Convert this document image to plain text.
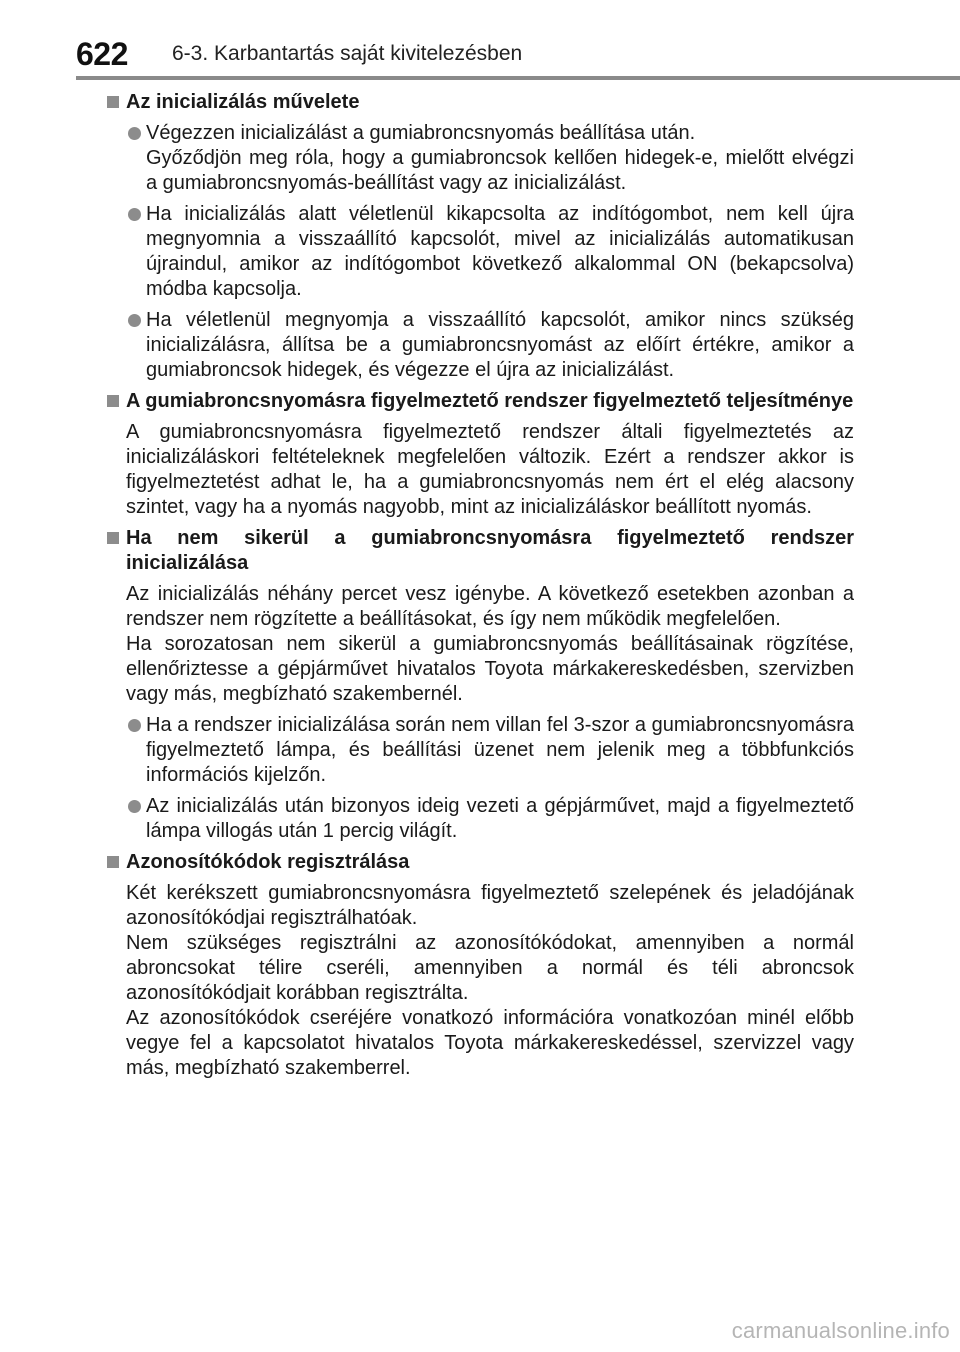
622 6-3. Karbantartás saját kivitelezésben
Az inicializálás művelete

Végezzen inicializálást a gumiabroncsnyomás beállítása után.

Győződjön meg róla, hogy a gumiabroncsok kellően hidegek-e, mielőtt elvégzi a gumiabroncsnyomás-beállítást vagy az inicializálást.

Ha inicializálás alatt véletlenül kikapcsolta az indítógombot, nem kell újra megnyomnia a visszaállító kapcsolót, mivel az inicializálás automatikusan újraindul, amikor az indítógombot következő alkalommal ON (bekapcsolva) módba kapcsolja.

Ha véletlenül megnyomja a visszaállító kapcsolót, amikor nincs szükség inicializálásra, állítsa be a gumiabroncsnyomást az előírt értékre, amikor a gumiabroncsok hidegek, és végezze el újra az inicializálást.

A gumiabroncsnyomásra figyelmeztető rendszer figyelmeztető teljesítménye

A gumiabroncsnyomásra figyelmeztető rendszer általi figyelmeztetés az inicializáláskori feltételeknek megfelelően változik. Ezért a rendszer akkor is figyelmeztetést adhat le, ha a gumiabroncsnyomás nem ért el elég alacsony szintet, vagy ha a nyomás nagyobb, mint az inicializáláskor beállított nyomás.

Ha nem sikerül a gumiabroncsnyomásra figyelmeztető rendszer inicializálása

Az inicializálás néhány percet vesz igénybe. A következő esetekben azonban a rendszer nem rögzítette a beállításokat, és így nem működik megfelelően.

Ha sorozatosan nem sikerül a gumiabroncsnyomás beállításainak rögzítése, ellenőriztesse a gépjárművet hivatalos Toyota márkakereskedésben, szervizben vagy más, megbízható szakembernél.

Ha a rendszer inicializálása során nem villan fel 3-szor a gumiabroncsnyomásra figyelmeztető lámpa, és beállítási üzenet nem jelenik meg a többfunkciós információs kijelzőn.

Az inicializálás után bizonyos ideig vezeti a gépjárművet, majd a figyelmeztető lámpa villogás után 1 percig világít.

Azonosítókódok regisztrálása

Két kerékszett gumiabroncsnyomásra figyelmeztető szelepének és jeladójának azonosítókódjai regisztrálhatóak.

Nem szükséges regisztrálni az azonosítókódokat, amennyiben a normál abroncsokat télire cseréli, amennyiben a normál és téli abroncsok azonosítókódjait korábban regisztrálta.

Az azonosítókódok cseréjére vonatkozó információra vonatkozóan minél előbb vegye fel a kapcsolatot hivatalos Toyota márkakereskedéssel, szervizzel vagy más, megbízható szakemberrel.

carmanualsonline.info
